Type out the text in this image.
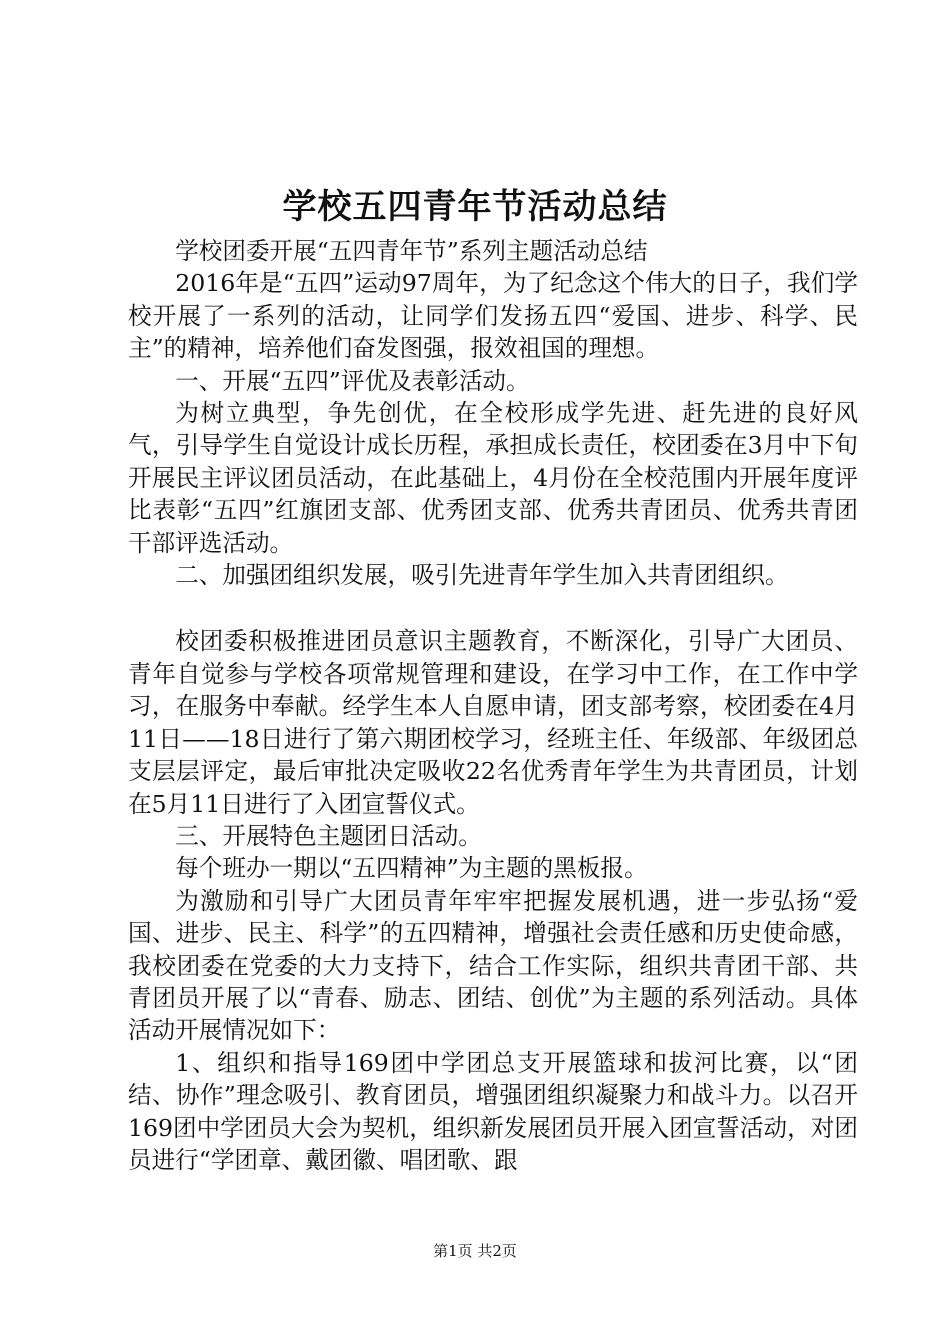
学校五四青年节活动总结

学校团委开展“五四青年节”系列主题活动总结

2016年是“五四”运动97周年，为了纪念这个伟大的日子，我们学校开展了一系列的活动，让同学们发扬五四“爱国、进步、科学、民主”的精神，培养他们奋发图强，报效祖国的理想。

一、开展“五四”评优及表彰活动。

为树立典型，争先创优，在全校形成学先进、赶先进的良好风气，引导学生自觉设计成长历程，承担成长责任，校团委在3月中下旬开展民主评议团员活动，在此基础上，4月份在全校范围内开展年度评比表彰“五四”红旗团支部、优秀团支部、优秀共青团员、优秀共青团干部评选活动。

二、加强团组织发展，吸引先进青年学生加入共青团组织。

校团委积极推进团员意识主题教育，不断深化，引导广大团员、青年自觉参与学校各项常规管理和建设，在学习中工作，在工作中学习，在服务中奉献。经学生本人自愿申请，团支部考察，校团委在4月11日——18日进行了第六期团校学习，经班主任、年级部、年级团总支层层评定，最后审批决定吸收22名优秀青年学生为共青团员，计划在5月11日进行了入团宣誓仪式。

三、开展特色主题团日活动。

每个班办一期以“五四精神”为主题的黑板报。

为激励和引导广大团员青年牢牢把握发展机遇，进一步弘扬“爱国、进步、民主、科学”的五四精神，增强社会责任感和历史使命感，我校团委在党委的大力支持下，结合工作实际，组织共青团干部、共青团员开展了以“青春、励志、团结、创优”为主题的系列活动。具体活动开展情况如下：

1、组织和指导169团中学团总支开展篮球和拔河比赛，以“团结、协作”理念吸引、教育团员，增强团组织凝聚力和战斗力。以召开169团中学团员大会为契机，组织新发展团员开展入团宣誓活动，对团员进行“学团章、戴团徽、唱团歌、跟

第1页 共2页
